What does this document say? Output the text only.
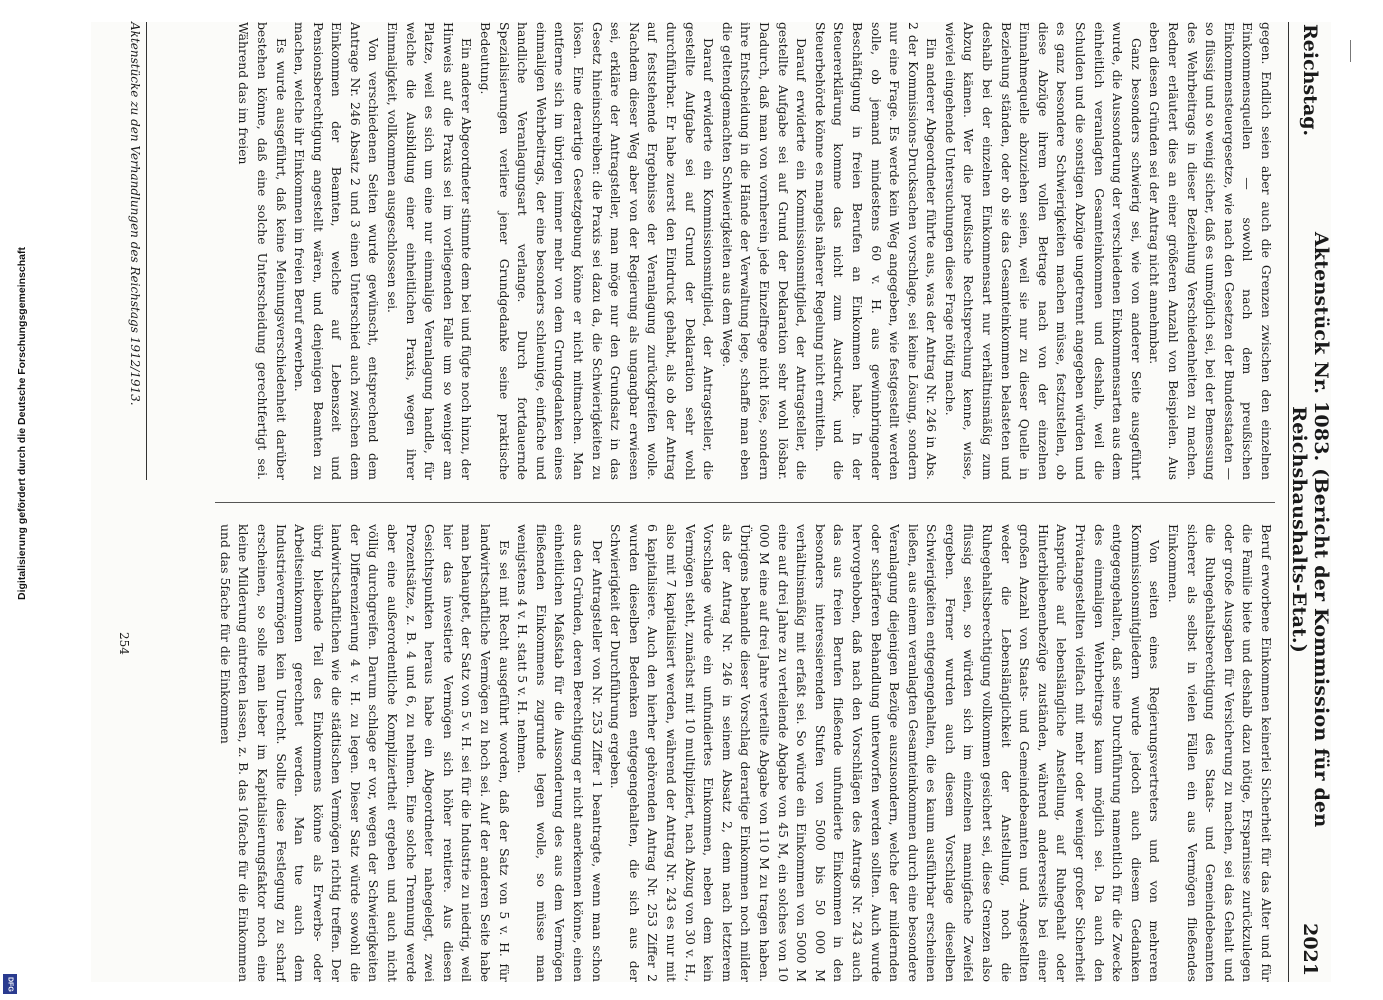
Digitalisierung gefördert durch die Deutsche Forschungsgemeinschaft
DFG
Reichstag.
Aktenstück Nr. 1083. (Bericht der Kommission für den Reichshaushalts-Etat.)
2021

gegen. Endlich seien aber auch die Grenzen zwischen den einzelnen Einkommensquellen — sowohl nach dem preußischen Einkommensteuergesetze, wie nach den Gesetzen der Bundesstaaten — so flüssig und so wenig sicher, daß es unmöglich sei, bei der Bemessung des Wehrbeitrags in dieser Beziehung Verschiedenheiten zu machen. Redner erläutert dies an einer größeren Anzahl von Beispielen. Aus eben diesen Gründen sei der Antrag nicht annehmbar.

Ganz besonders schwierig sei, wie von anderer Seite ausgeführt wurde, die Aussonderung der verschiedenen Einkommensarten aus dem einheitlich veranlagten Gesamteinkommen und deshalb, weil die Schulden und die sonstigen Abzüge ungetrennt angegeben würden und es ganz besondere Schwierigkeiten machen müsse, festzustellen, ob diese Abzüge ihrem vollen Betrage nach von der einzelnen Einnahmequelle abzuziehen seien, weil sie nur zu dieser Quelle in Beziehung ständen, oder ob sie das Gesamteinkommen belasteten und deshalb bei der einzelnen Einkommensart nur verhältnismäßig zum Abzug kämen. Wer die preußische Rechtsprechung kenne, wisse, wieviel eingehende Untersuchungen diese Frage nötig mache.

Ein anderer Abgeordneter führte aus, was der Antrag Nr. 246 in Abs. 2 der Kommissions-Drucksachen vorschlage, sei keine Lösung, sondern nur eine Frage. Es werde kein Weg angegeben, wie festgestellt werden solle, ob jemand mindestens 60 v. H. aus gewinnbringender Beschäftigung in freien Berufen an Einkommen habe. In der Steuererklärung komme das nicht zum Ausdruck, und die Steuerbehörde könne es mangels näherer Regelung nicht ermitteln.

Darauf erwiderte ein Kommissionsmitglied, der Antragsteller, die gestellte Aufgabe sei auf Grund der Deklaration sehr wohl lösbar. Dadurch, daß man von vornherein jede Einzelfrage nicht löse, sondern ihre Entscheidung in die Hände der Verwaltung lege, schaffe man eben die geltendgemachten Schwierigkeiten aus dem Wege.

Darauf erwiderte ein Kommissionsmitglied, der Antragsteller, die gestellte Aufgabe sei auf Grund der Deklaration sehr wohl durchführbar. Er habe zuerst den Eindruck gehabt, als ob der Antrag auf feststehende Ergebnisse der Veranlagung zurückgreifen wolle. Nachdem dieser Weg aber von der Regierung als ungangbar erwiesen sei, erkläre der Antragsteller, man möge nur den Grundsatz in das Gesetz hineinschreiben: die Praxis sei dazu da, die Schwierigkeiten zu lösen. Eine derartige Gesetzgebung könne er nicht mitmachen. Man entferne sich im übrigen immer mehr von dem Grundgedanken eines einmaligen Wehrbeitrags, der eine besonders schleunige, einfache und handliche Veranlagungsart verlange. Durch fortdauernde Spezialisierungen verliere jener Grundgedanke seine praktische Bedeutung.

Ein anderer Abgeordneter stimmte dem bei und fügte noch hinzu, der Hinweis auf die Praxis sei im vorliegenden Falle um so weniger am Platze, weil es sich um eine nur einmalige Veranlagung handle, für welche die Ausbildung einer einheitlichen Praxis, wegen ihrer Einmaligkeit, vollkommen ausgeschlossen sei.

Von verschiedenen Seiten wurde gewünscht, entsprechend dem Antrage Nr. 246 Absatz 2 und 3 einen Unterschied auch zwischen dem Einkommen der Beamten, welche auf Lebenszeit und Pensionsberechtigung angestellt wären, und denjenigen Beamten zu machen, welche ihr Einkommen im freien Beruf erwerben.

Es wurde ausgeführt, daß keine Meinungsverschiedenheit darüber bestehen könne, daß eine solche Unterscheidung gerechtfertigt sei. Während das im freien

Beruf erworbene Einkommen keinerlei Sicherheit für das Alter und für die Familie biete und deshalb dazu nötige, Ersparnisse zurückzulegen oder große Ausgaben für Versicherung zu machen, sei das Gehalt und die Ruhegehaltsberechtigung des Staats- und Gemeindebeamten sicherer als selbst in vielen Fällen ein aus Vermögen fließendes Einkommen.

Von seiten eines Regierungsvertreters und von mehreren Kommissionsmitgliedern wurde jedoch auch diesem Gedanken entgegengehalten, daß seine Durchführung namentlich für die Zwecke des einmaligen Wehrbeitrags kaum möglich sei. Da auch den Privatangestellten vielfach mit mehr oder weniger großer Sicherheit Ansprüche auf lebenslängliche Anstellung, auf Ruhegehalt oder Hinterbliebenenbezüge zuständen, während andererseits bei einer großen Anzahl von Staats- und Gemeindebeamten und -Angestellten weder die Lebenslänglichkeit der Anstellung, noch die Ruhegehaltsberechtigung vollkommen gesichert sei, diese Grenzen also flüssig seien, so würden sich im einzelnen mannigfache Zweifel ergeben. Ferner wurden auch diesem Vorschlage dieselben Schwierigkeiten entgegengehalten, die es kaum ausführbar erscheinen ließen, aus einem veranlagten Gesamteinkommen durch eine besondere Veranlagung diejenigen Bezüge auszusondern, welche der mildernden oder schärferen Behandlung unterworfen werden sollten. Auch wurde hervorgehoben, daß nach den Vorschlägen des Antrags Nr. 243 auch das aus freien Berufen fließende unfundierte Einkommen in den besonders interessierenden Stufen von 5000 bis 50 000 M verhältnismäßig mit erfaßt sei. So würde ein Einkommen von 5000 M eine auf drei Jahre zu verteilende Abgabe von 45 M, ein solches von 10 000 M eine auf drei Jahre verteilte Abgabe von 110 M zu tragen haben. Übrigens behandle dieser Vorschlag derartige Einkommen noch milder als der Antrag Nr. 246 in seinem Absatz 2, denn nach letzterem Vorschlage würde ein unfundiertes Einkommen, neben dem kein Vermögen steht, zunächst mit 10 multipliziert, nach Abzug von 30 v. H., also mit 7 kapitalisiert werden, während der Antrag Nr. 243 es nur mit 6 kapitalisiere. Auch den hierher gehörenden Antrag Nr. 253 Ziffer 2 wurden dieselben Bedenken entgegengehalten, die sich aus der Schwierigkeit der Durchführung ergeben.

Der Antragsteller von Nr. 253 Ziffer 1 beantragte, wenn man schon aus den Gründen, deren Berechtigung er nicht anerkennen könne, einen einheitlichen Maßstab für die Aussonderung des aus dem Vermögen fließenden Einkommens zugrunde legen wolle, so müsse man wenigstens 4 v. H. statt 5 v. H. nehmen.

Es sei mit Recht ausgeführt worden, daß der Satz von 5 v. H. für landwirtschaftliche Vermögen zu hoch sei. Auf der anderen Seite habe man behauptet, der Satz von 5 v. H. sei für die Industrie zu niedrig, weil hier das investierte Vermögen sich höher rentiere. Aus diesen Gesichtspunkten heraus habe ein Abgeordneter nahegelegt, zwei Prozentsätze, z. B. 4 und 6, zu nehmen. Eine solche Trennung werde aber eine außerordentliche Kompliziertheit ergeben und auch nicht völlig durchgreifen. Darum schlage er vor, wegen der Schwierigkeiten der Differenzierung 4 v. H. zu legen. Dieser Satz würde sowohl die landwirtschaftlichen wie die städtischen Vermögen richtig treffen. Der übrig bleibende Teil des Einkommens könne als Erwerbs- oder Arbeitseinkommen gerechnet werden. Man tue auch dem Industrievermögen kein Unrecht. Sollte diese Festlegung zu scharf erscheinen, so solle man lieber im Kapitalisierungsfaktor noch eine kleine Milderung eintreten lassen, z. B. das 10fache für die Einkommen und das 5fache für die Einkommen

Aktenstücke zu den Verhandlungen des Reichstags 1912/1913.
254
